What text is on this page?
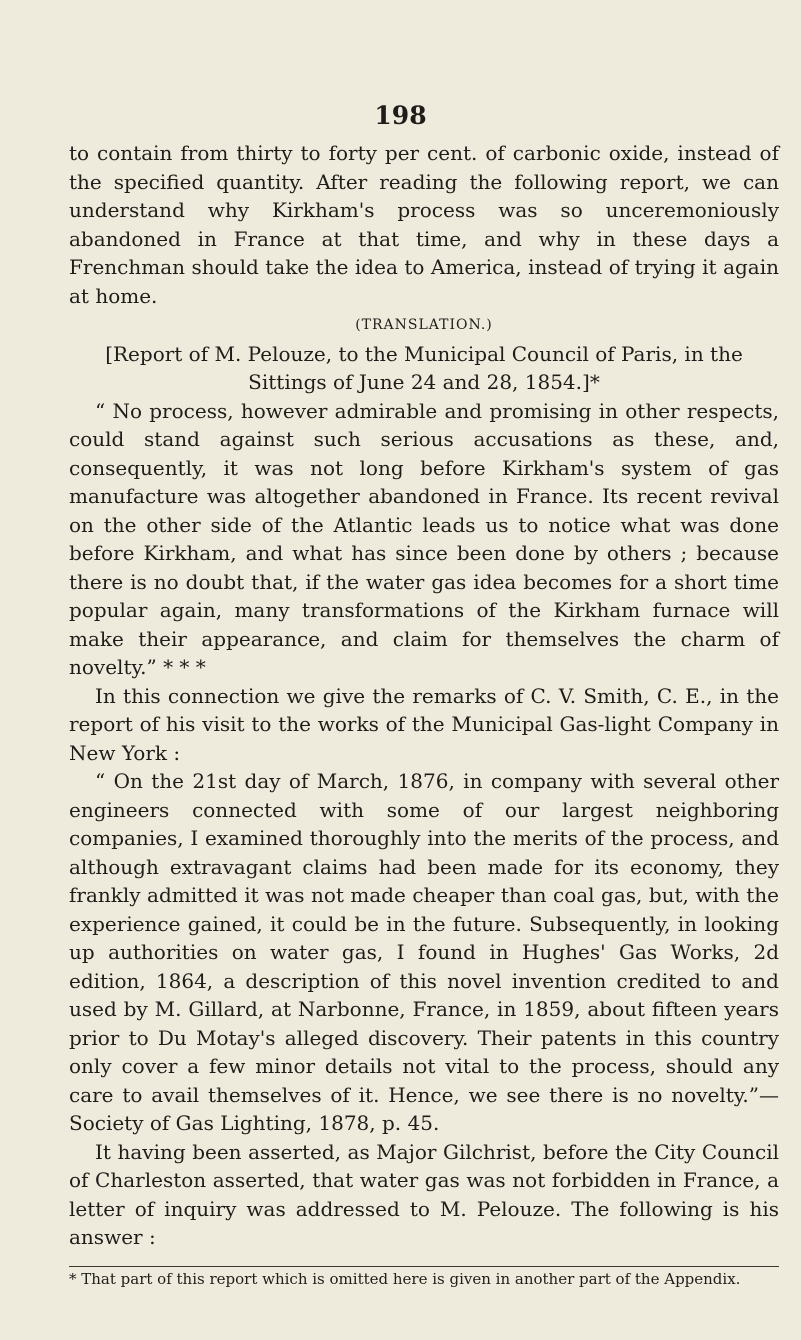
198

to contain from thirty to forty per cent. of carbonic oxide, instead of the specified quantity. After reading the following report, we can understand why Kirkham's process was so unceremoniously abandoned in France at that time, and why in these days a Frenchman should take the idea to America, instead of trying it again at home.

(TRANSLATION.)

[Report of M. Pelouze, to the Municipal Council of Paris, in the Sittings of June 24 and 28, 1854.]*

“ No process, however admirable and promising in other respects, could stand against such serious accusations as these, and, consequently, it was not long before Kirkham's system of gas manufacture was altogether abandoned in France. Its recent revival on the other side of the Atlantic leads us to notice what was done before Kirkham, and what has since been done by others ; because there is no doubt that, if the water gas idea becomes for a short time popular again, many transformations of the Kirkham furnace will make their appearance, and claim for themselves the charm of novelty.” * * *

In this connection we give the remarks of C. V. Smith, C. E., in the report of his visit to the works of the Municipal Gas-light Company in New York :

“ On the 21st day of March, 1876, in company with several other engineers connected with some of our largest neighboring companies, I examined thoroughly into the merits of the process, and although extravagant claims had been made for its economy, they frankly admitted it was not made cheaper than coal gas, but, with the experience gained, it could be in the future. Subsequently, in looking up authorities on water gas, I found in Hughes' Gas Works, 2d edition, 1864, a description of this novel invention credited to and used by M. Gillard, at Narbonne, France, in 1859, about fifteen years prior to Du Motay's alleged discovery. Their patents in this country only cover a few minor details not vital to the process, should any care to avail themselves of it. Hence, we see there is no novelty.”—Society of Gas Lighting, 1878, p. 45.

It having been asserted, as Major Gilchrist, before the City Council of Charleston asserted, that water gas was not forbidden in France, a letter of inquiry was addressed to M. Pelouze. The following is his answer :

* That part of this report which is omitted here is given in another part of the Appendix.
